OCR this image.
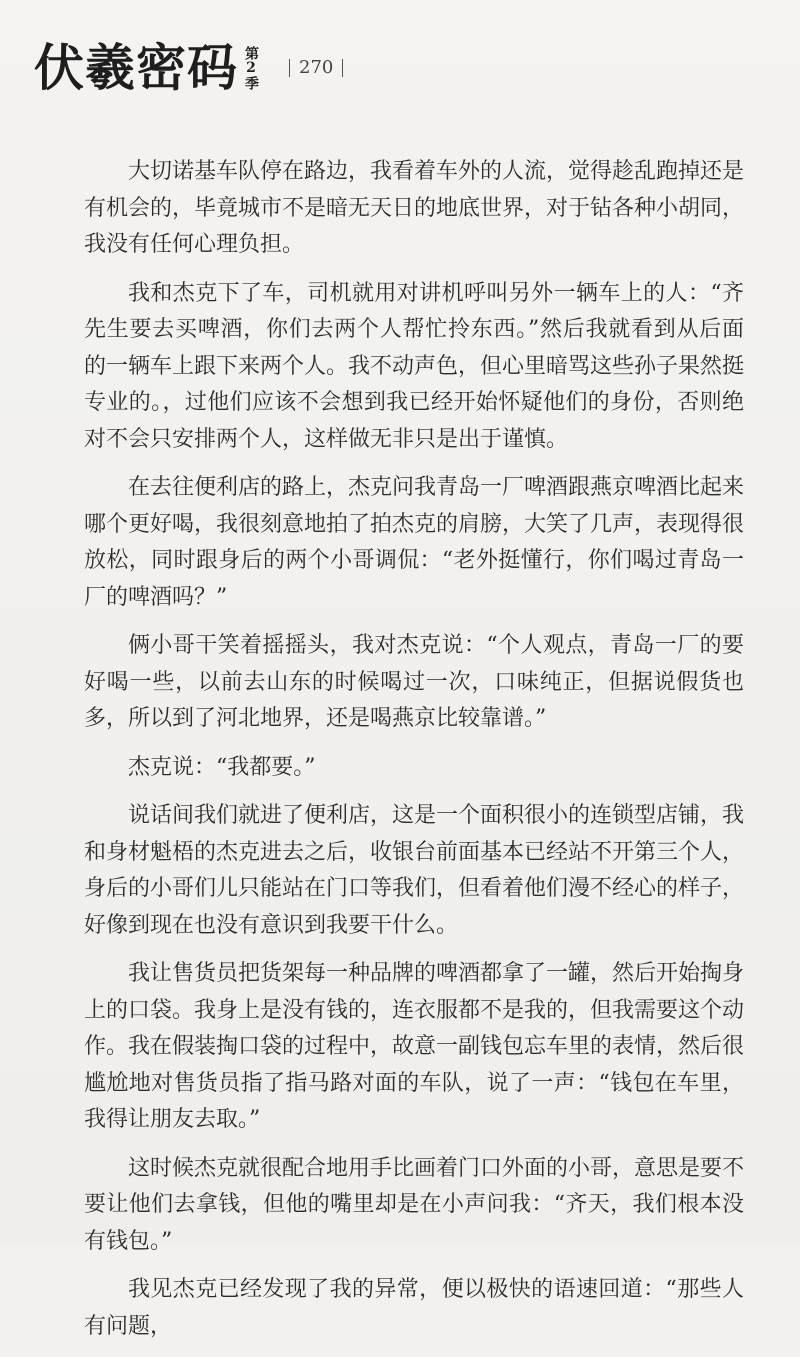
伏羲密码 第2季 270

大切诺基车队停在路边，我看着车外的人流，觉得趁乱跑掉还是有机会的，毕竟城市不是暗无天日的地底世界，对于钻各种小胡同，我没有任何心理负担。

我和杰克下了车，司机就用对讲机呼叫另外一辆车上的人：“齐先生要去买啤酒，你们去两个人帮忙拎东西。”然后我就看到从后面的一辆车上跟下来两个人。我不动声色，但心里暗骂这些孙子果然挺专业的。，过他们应该不会想到我已经开始怀疑他们的身份，否则绝对不会只安排两个人，这样做无非只是出于谨慎。

在去往便利店的路上，杰克问我青岛一厂啤酒跟燕京啤酒比起来哪个更好喝，我很刻意地拍了拍杰克的肩膀，大笑了几声，表现得很放松，同时跟身后的两个小哥调侃：“老外挺懂行，你们喝过青岛一厂的啤酒吗？”

俩小哥干笑着摇摇头，我对杰克说：“个人观点，青岛一厂的要好喝一些，以前去山东的时候喝过一次，口味纯正，但据说假货也多，所以到了河北地界，还是喝燕京比较靠谱。”

杰克说：“我都要。”

说话间我们就进了便利店，这是一个面积很小的连锁型店铺，我和身材魁梧的杰克进去之后，收银台前面基本已经站不开第三个人，身后的小哥们儿只能站在门口等我们，但看着他们漫不经心的样子，好像到现在也没有意识到我要干什么。

我让售货员把货架每一种品牌的啤酒都拿了一罐，然后开始掏身上的口袋。我身上是没有钱的，连衣服都不是我的，但我需要这个动作。我在假装掏口袋的过程中，故意一副钱包忘车里的表情，然后很尴尬地对售货员指了指马路对面的车队，说了一声：“钱包在车里，我得让朋友去取。”

这时候杰克就很配合地用手比画着门口外面的小哥，意思是要不要让他们去拿钱，但他的嘴里却是在小声问我：“齐天，我们根本没有钱包。”

我见杰克已经发现了我的异常，便以极快的语速回道：“那些人有问题，
